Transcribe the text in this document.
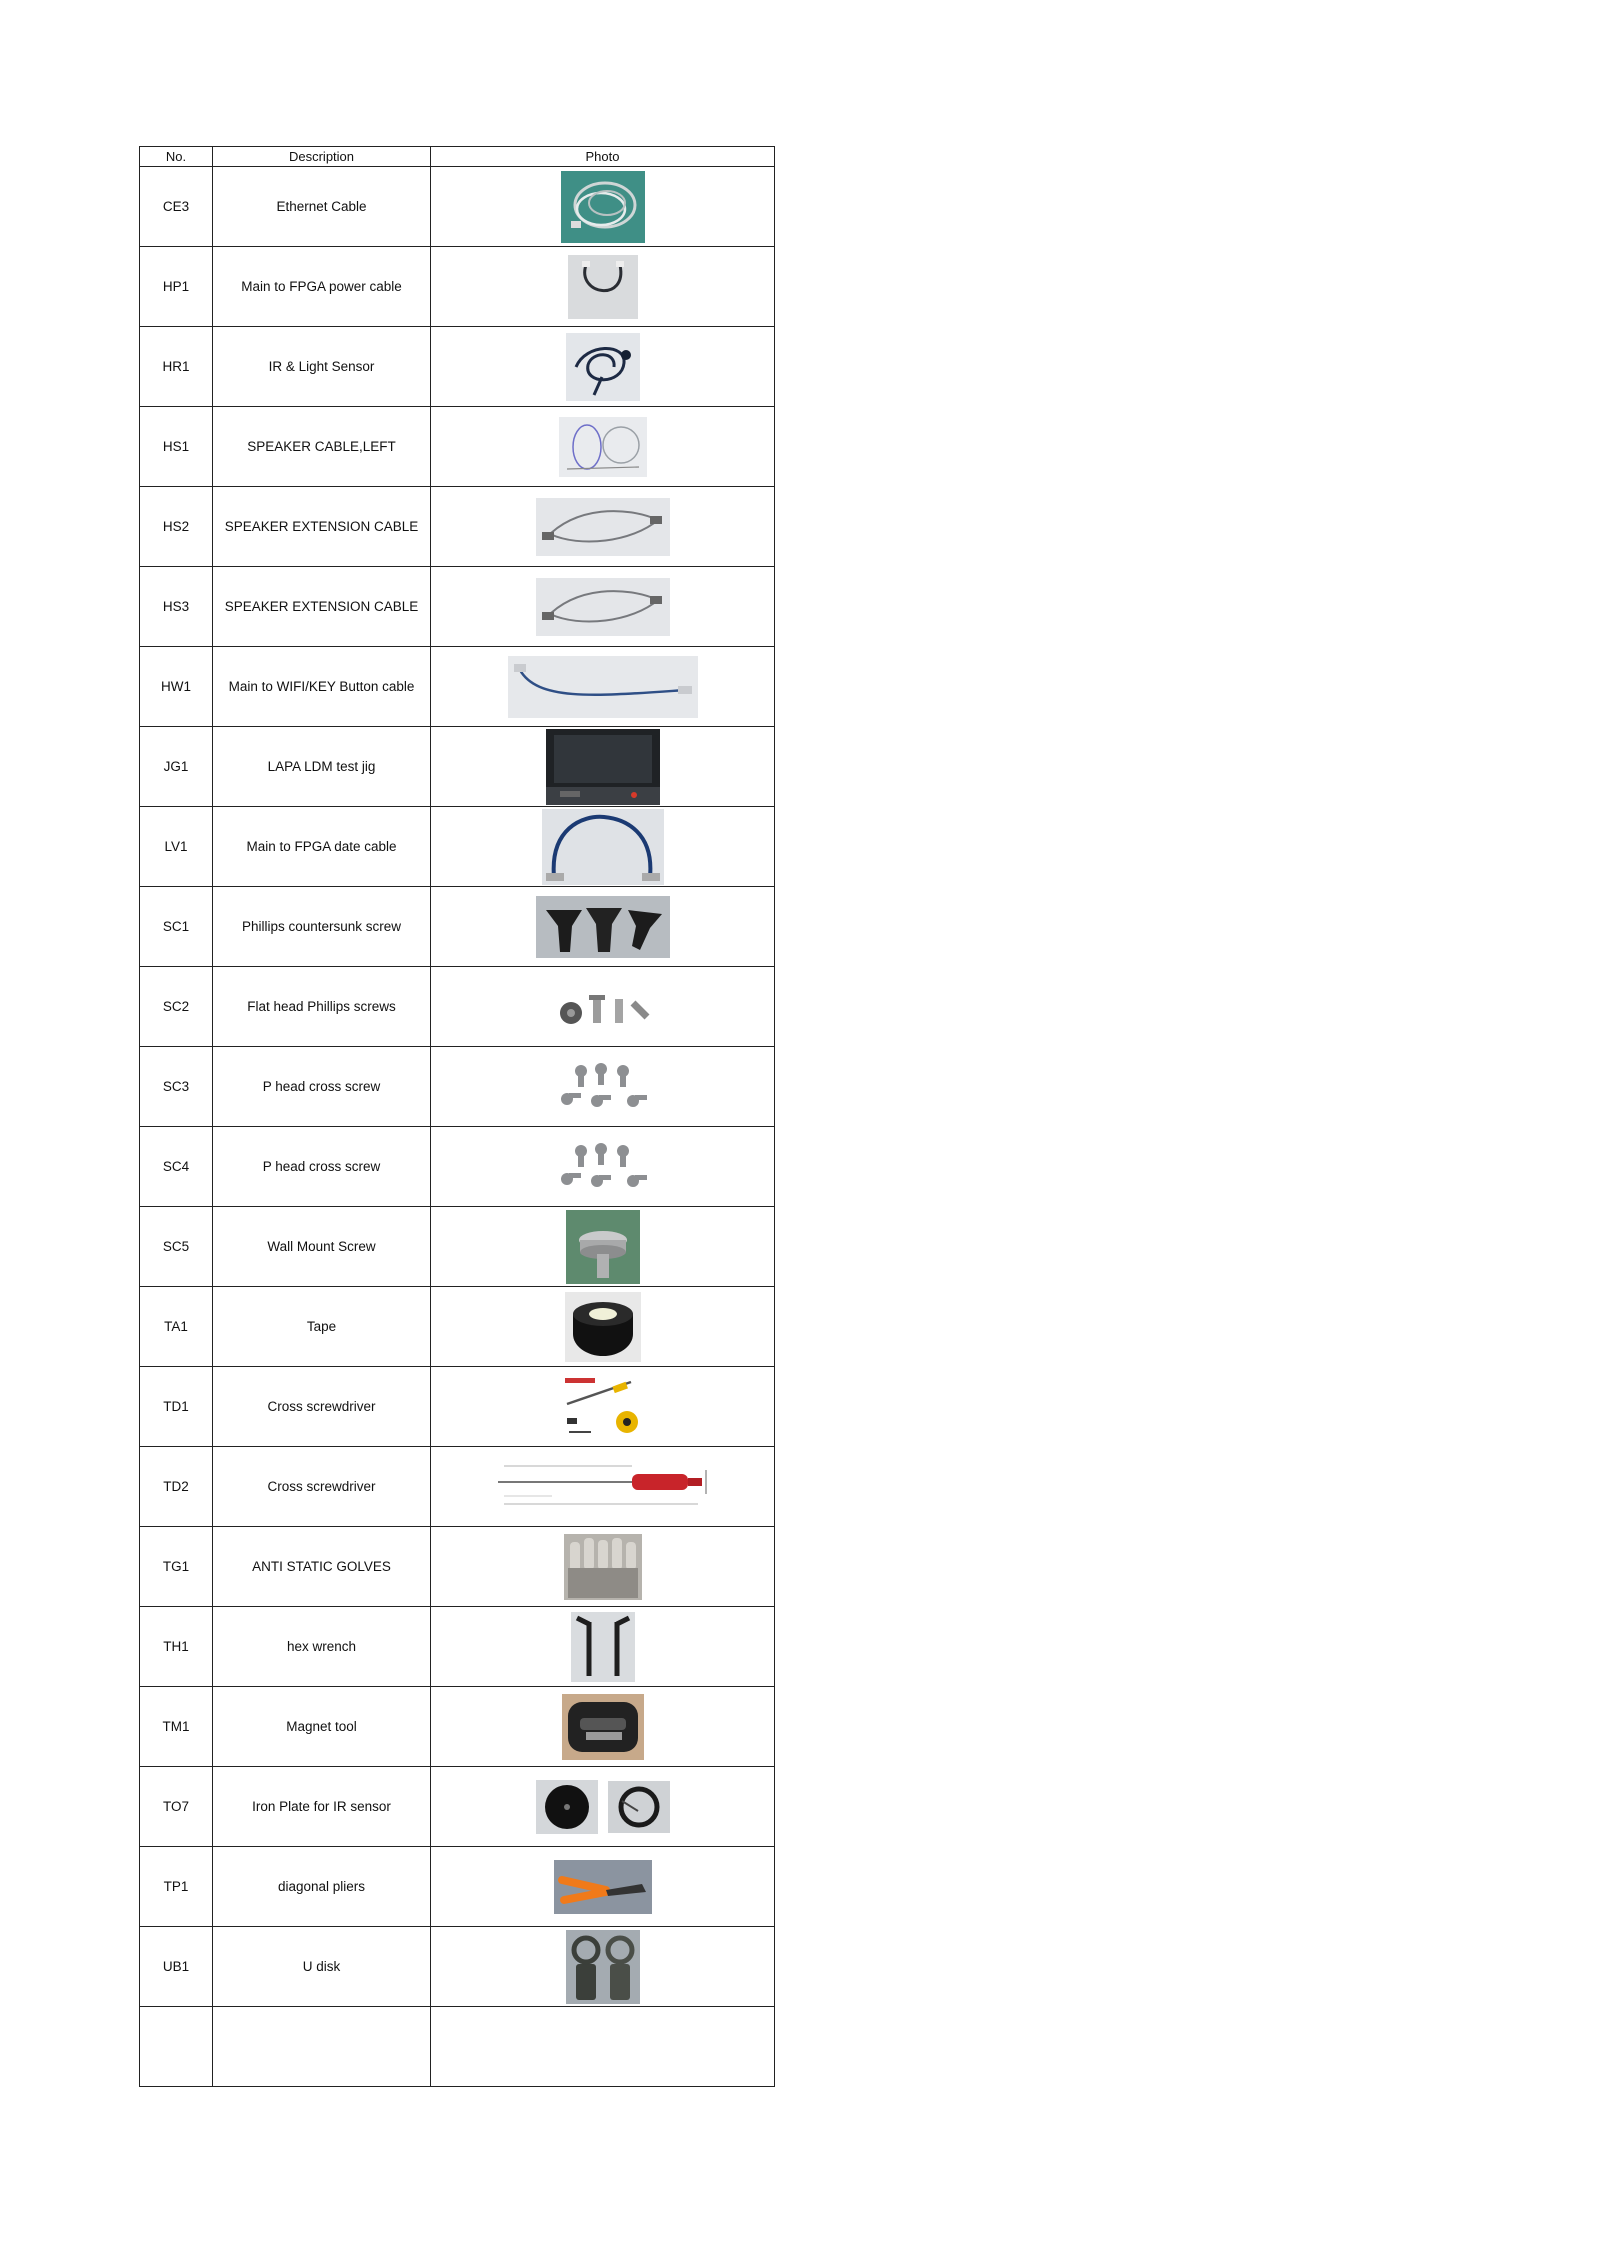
No.	Description	Photo
CE3	Ethernet Cable	

HP1	Main to FPGA power cable	

HR1	IR & Light Sensor	

HS1	SPEAKER CABLE,LEFT	

HS2	SPEAKER EXTENSION CABLE	

HS3	SPEAKER EXTENSION CABLE	

HW1	Main to WIFI/KEY Button cable	

JG1	LAPA LDM test jig	

LV1	Main to FPGA date cable	

SC1	Phillips countersunk screw	

SC2	Flat head Phillips screws	

SC3	P head cross screw	

SC4	P head cross screw	

SC5	Wall Mount Screw	

TA1	Tape	

TD1	Cross screwdriver	

TD2	Cross screwdriver	

TG1	ANTI STATIC GOLVES	

TH1	hex wrench	

TM1	Magnet tool	

TO7	Iron Plate for IR sensor	

TP1	diagonal pliers	

UB1	U disk	
